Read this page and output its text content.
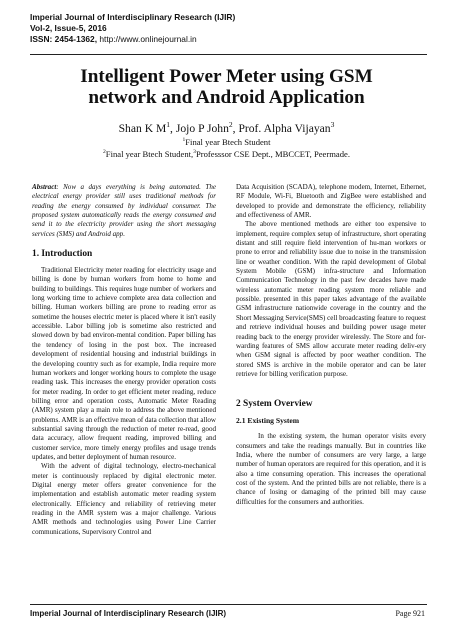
Imperial Journal of Interdisciplinary Research (IJIR)
Vol-2, Issue-5, 2016
ISSN: 2454-1362, http://www.onlinejournal.in
Intelligent Power Meter using GSM
network and Android Application
Shan K $M^1$, Jojo P John$^2$, Prof. Alpha Vijayan$^3$
$^1$Final year Btech Student
$^2$Final year Btech Student,$^3$Professsor CSE Dept., MBCCET, Peermade.

Abstract: Now a days everything is being automated. The electrical energy provider still uses traditional methods for reading the energy consumed by individual consumer. The proposed system automatically reads the energy consumed and send it to the electricity provider using the short messaging services (SMS) and Android app.

1. Introduction

Traditional Electricity meter reading for electricity usage and billing is done by human workers from home to home and building to buildings. This requires huge number of workers and long working time to achieve complete area data collection and billing. Human workers billing are prone to reading error as sometime the houses electric meter is placed where it isn't easily accessible. Labor billing job is sometime also restricted and slowed down by bad environ-mental condition. Paper billing has the tendency of losing in the post box. The increased development of residential housing and industrial buildings in the developing country such as for example, India require more human workers and longer working hours to complete the usage reading task. This increases the energy provider operation costs for meter reading. In order to get efficient meter reading, reduce billing error and operation costs, Automatic Meter Reading (AMR) system play a main role to address the above mentioned problems. AMR is an effective mean of data collection that allow substantial saving through the reduction of meter re-read, good data accuracy, allow frequent reading, improved billing and customer service, more timely energy profiles and usage trends updates, and better deployment of human resource.

With the advent of digital technology, electro-mechanical meter is continuously replaced by digital electronic meter. Digital energy meter offers greater convenience for the implementation and establish automatic meter reading system electronically. Efficiency and reliability of retrieving meter reading in the AMR system was a major challenge. Various AMR methods and technologies using Power Line Carrier communications, Supervisory Control and

Data Acquisition (SCADA), telephone modem, Internet, Ethernet, RF Module, Wi-Fi, Bluetooth and ZigBee were established and developed to provide and demonstrate the efficiency, reliability and effectiveness of AMR.

The above mentioned methods are either too expensive to implement, require complex setup of infrastructure, short operating distant and still require field intervention of hu-man workers or prone to error and reliability issue due to noise in the transmission line or weather condition. With the rapid development of Global System Mobile (GSM) infra-structure and Information Communication Technology in the past few decades have made wireless automatic meter reading system more reliable and possible. presented in this paper takes advantage of the available GSM infrastructure nationwide coverage in the country and the Short Messaging Service(SMS) cell broadcasting feature to request and retrieve individual houses and building power usage meter reading back to the energy provider wirelessly. The Store and for-warding features of SMS allow accurate meter reading deliv-ery when GSM signal is affected by poor weather condition. The stored SMS is archive in the mobile operator and can be later retrieve for billing verification purpose.

2 System Overview
2.1 Existing System

In the existing system, the human operator visits every consumers and take the readings manually. But in countries like India, where the number of consumers are very large, a large number of human operators are required for this operation, and it is also a time consuming operation. This increases the operational cost of the system. And the printed bills are not reliable, there is a chance of losing or damaging of the printed bill may cause difficulties for the consumers and authorities.

Imperial Journal of Interdisciplinary Research (IJIR)	Page 921
